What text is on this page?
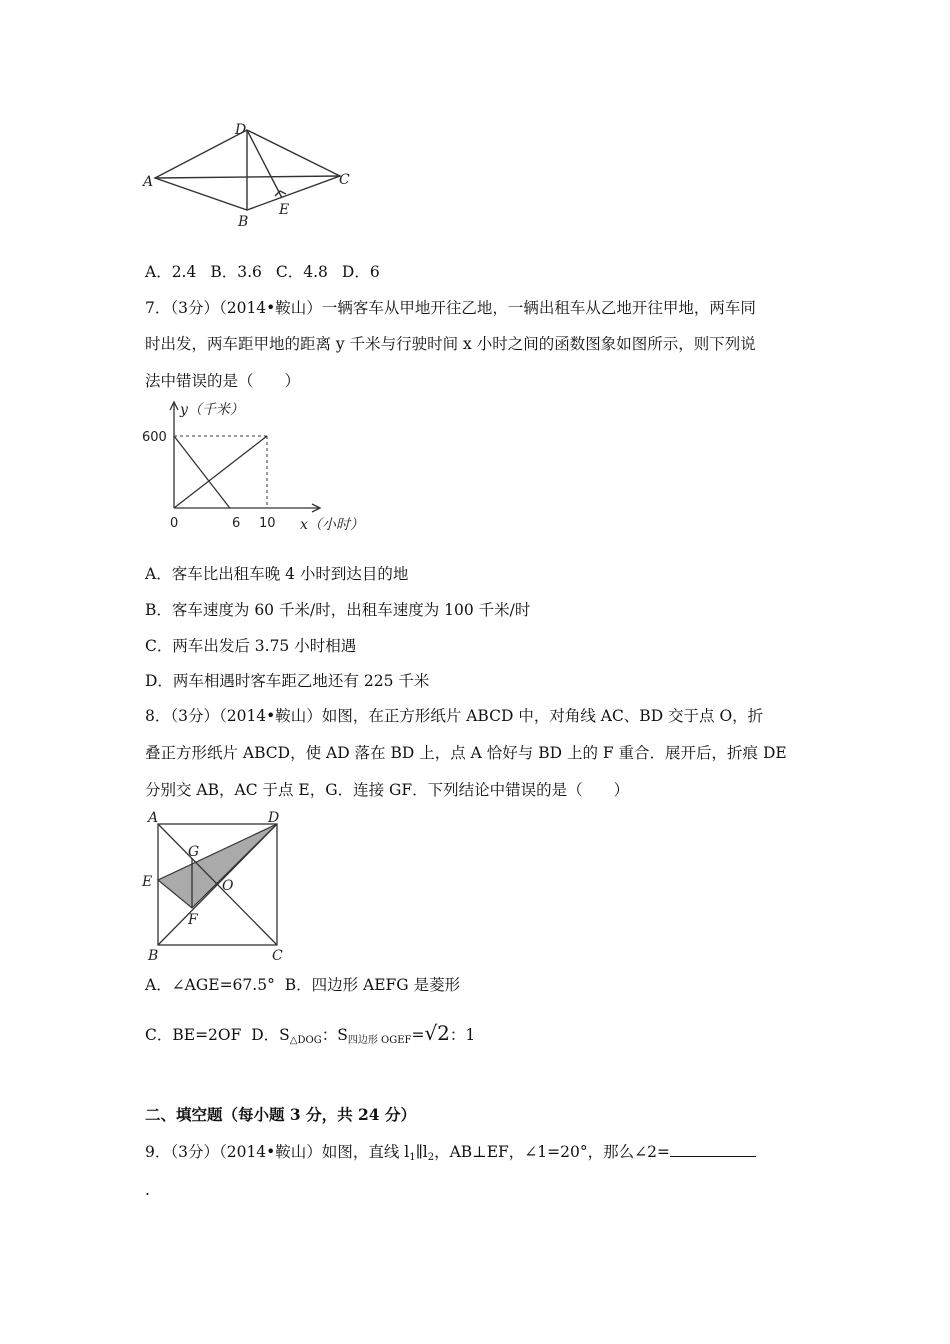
D
A	C
B
E
A．2.4 B．3.6 C．4.8 D．6
7．（3分）（2014•鞍山）一辆客车从甲地开往乙地，一辆出租车从乙地开往甲地，两车同
时出发，两车距甲地的距离 y 千米与行驶时间 x 小时之间的函数图象如图所示，则下列说
法中错误的是（　　）
y（千米）
x（小时）
600
0	6 10
A．客车比出租车晚 4 小时到达目的地
B．客车速度为 60 千米/时，出租车速度为 100 千米/时
C．两车出发后 3.75 小时相遇
D．两车相遇时客车距乙地还有 225 千米
8．（3分）（2014•鞍山）如图，在正方形纸片 ABCD 中，对角线 AC、BD 交于点 O，折
叠正方形纸片 ABCD，使 AD 落在 BD 上，点 A 恰好与 BD 上的 F 重合．展开后，折痕 DE
分别交 AB，AC 于点 E，G．连接 GF．下列结论中错误的是（　　）
A	D
G
E	O
F
B	C
A．∠AGE=67.5° B．四边形 AEFG 是菱形
C．BE=2OF D．$S_{\triangle DOG}$：$S_{四边形 OGEF}=√2$：1
二、填空题（每小题 3 分，共 24 分）
9．（3分）（2014•鞍山）如图，直线 $l_1\parallel l_2$，AB⊥EF，∠1=20°，那么∠2=
.
